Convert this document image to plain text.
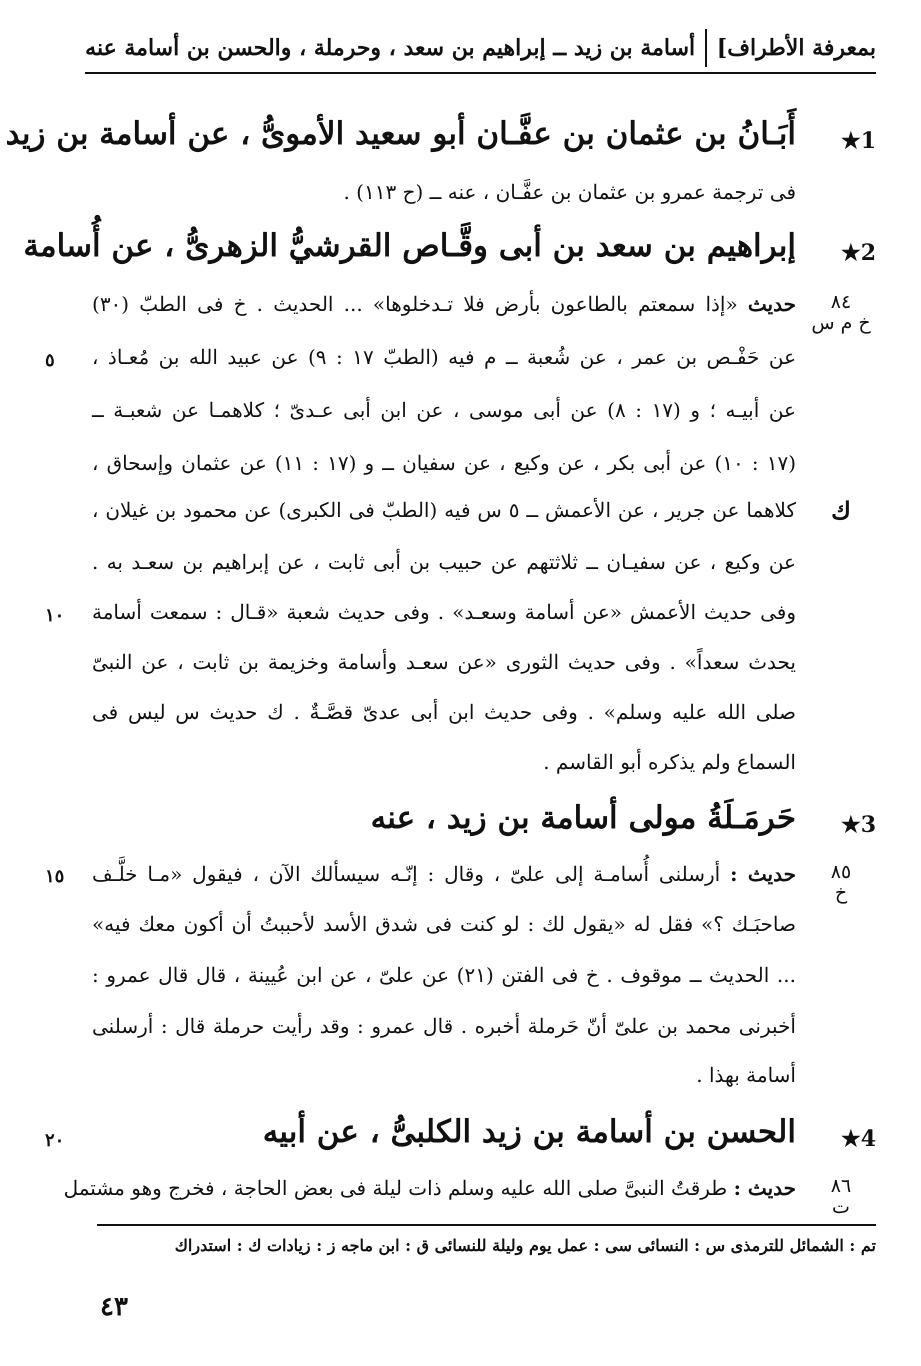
بمعرفة الأطراف]
أسامة بن زيد ــ إبراهيم بن سعد ، وحرملة ، والحسن بن أسامة عنه
1★
أَبَـانُ بن عثمان بن عفَّـان أبو سعيد الأموىُّ ، عن أسامة بن زيد
فى ترجمة عمرو بن عثمان بن عفَّـان ، عنه ــ (ح ١١٣) .
2★
إبراهيم بن سعد بن أبى وقَّـاص القرشيُّ الزهرىُّ ، عن أُسامة
٨٤
خ م س
حديث «إذا سمعتم بالطاعون بأرض فلا تـدخلوها» ... الحديث . خ فى الطبّ (٣٠)
عن حَفْـص بن عمر ، عن شُعبة ــ م فيه (الطبّ ١٧ : ٩) عن عبيد الله بن مُعـاذ ،
عن أبيـه ؛ و (١٧ : ٨) عن أبى موسى ، عن ابن أبى عـدىّ ؛ كلاهمـا عن شعبـة ــ
(١٧ : ١٠) عن أبى بكر ، عن وكيع ، عن سفيان ــ و (١٧ : ١١) عن عثمان وإسحاق ،
ك
كلاهما عن جرير ، عن الأعمش ــ ٥ س فيه (الطبّ فى الكبرى) عن محمود بن غيلان ،
عن وكيع ، عن سفيـان ــ ثلاثتهم عن حبيب بن أبى ثابت ، عن إبراهيم بن سعـد به .
وفى حديث الأعمش «عن أسامة وسعـد» . وفى حديث شعبة «قـال : سمعت أسامة
يحدث سعداً» . وفى حديث الثورى «عن سعـد وأسامة وخزيمة بن ثابت ، عن النبىّ
صلى الله عليه وسلم» . وفى حديث ابن أبى عدىّ قصَّـةٌ . ك حديث س ليس فى
السماع ولم يذكره أبو القاسم .
3★
حَرمَـلَةُ مولى أسامة بن زيد ، عنه
٨٥
خ
حديث : أرسلنى أُسامـة إلى علىّ ، وقال : إنّـه سيسألك الآن ، فيقول «مـا خلَّـف
صاحبَـك ؟» فقل له «يقول لك : لو كنت فى شدق الأسد لأحببتُ أن أكون معك فيه»
... الحديث ــ موقوف . خ فى الفتن (٢١) عن علىّ ، عن ابن عُيينة ، قال قال عمرو :
أخبرنى محمد بن علىّ أنّ حَرملة أخبره . قال عمرو : وقد رأيت حرملة قال : أرسلنى
أسامة بهذا .
4★
الحسن بن أسامة بن زيد الكلبىُّ ، عن أبيه
٨٦
ت
حديث : طرقتُ النبىَّ صلى الله عليه وسلم ذات ليلة فى بعض الحاجة ، فخرج وهو مشتمل
٥
١٠
١٥
٢٠
تم : الشمائل للترمذى س : النسائى سى : عمل يوم وليلة للنسائى ق : ابن ماجه ز : زيادات ك : استدراك
٤٣
